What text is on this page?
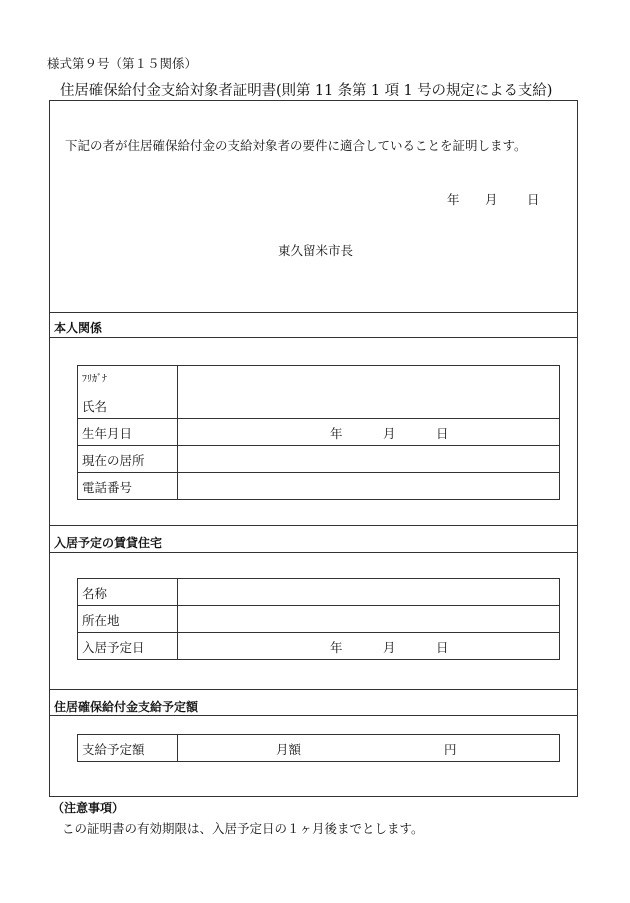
様式第９号（第１５関係）
住居確保給付金支給対象者証明書(則第 11 条第 1 項 1 号の規定による支給)
下記の者が住居確保給付金の支給対象者の要件に適合していることを証明します。
年 月 日
東久留米市長
本人関係
ﾌﾘｶﾞﾅ
氏名	

生年月日	年 月 日

現在の居所	
電話番号	
入居予定の賃貸住宅
名称	
所在地	
入居予定日	年 月 日
住居確保給付金支給予定額
支給予定額	月額	円
（注意事項）
この証明書の有効期限は、入居予定日の１ヶ月後までとします。
